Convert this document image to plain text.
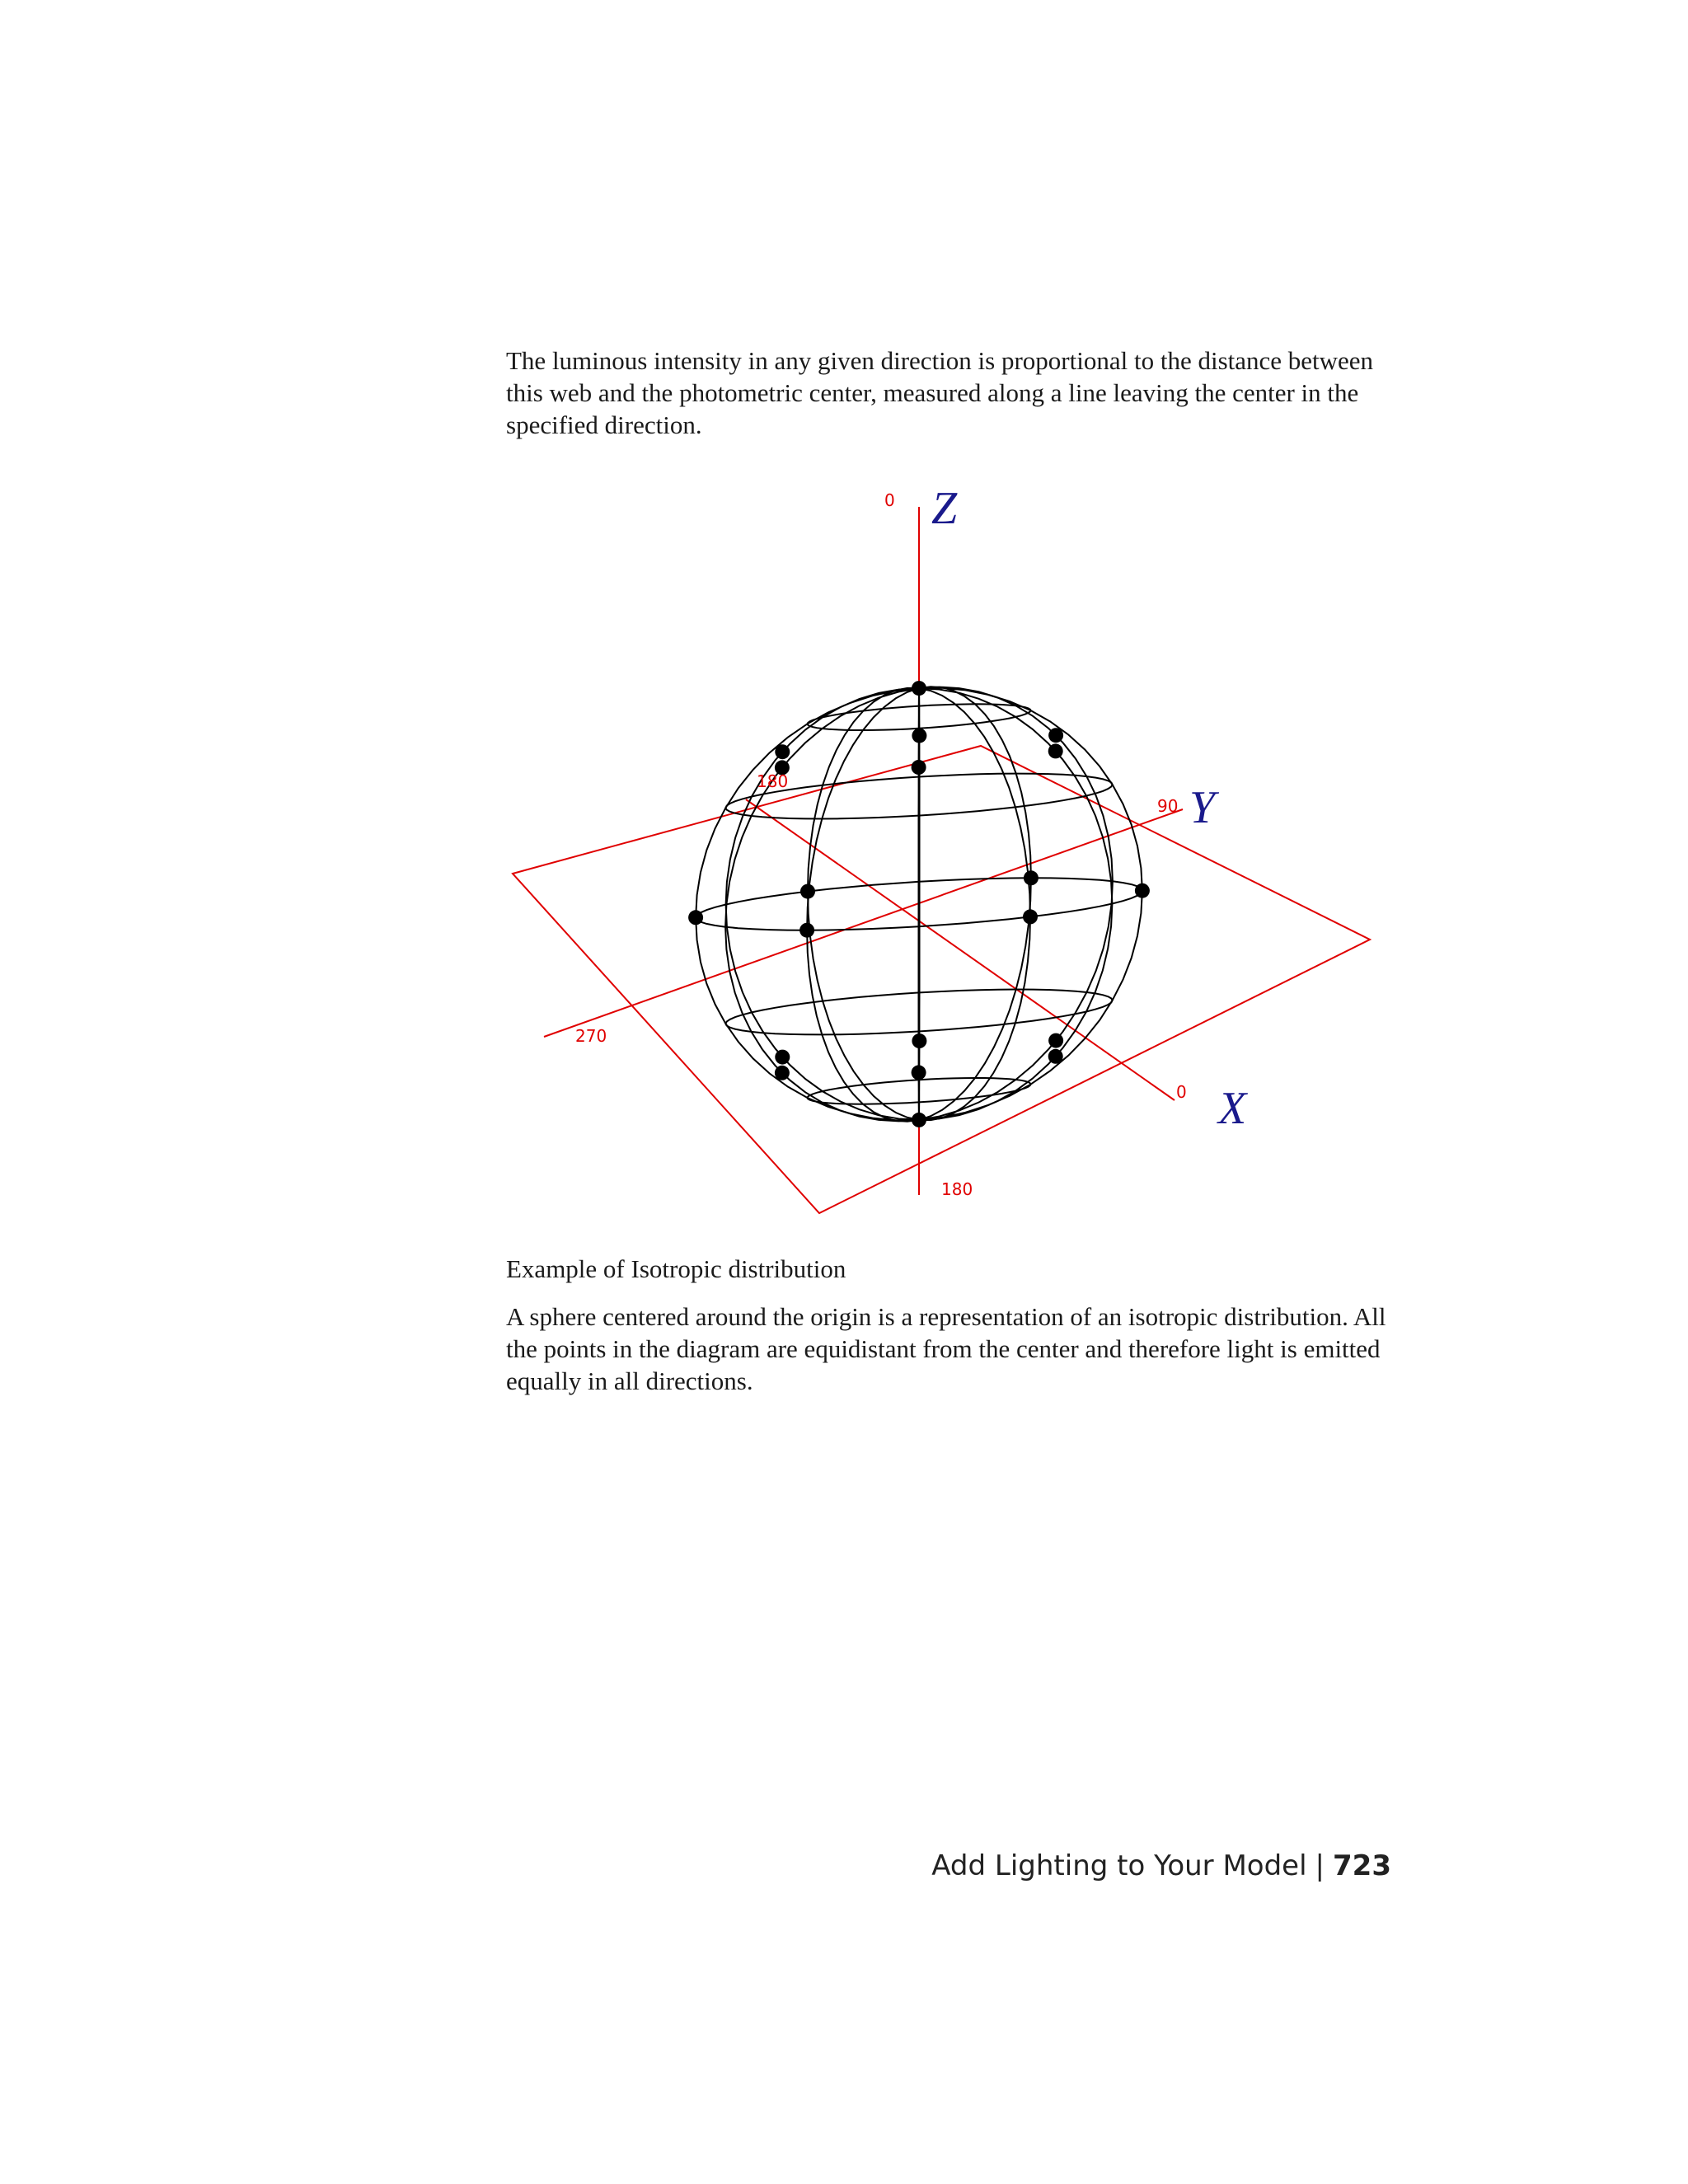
The luminous intensity in any given direction is proportional to the distance between this web and the photometric center, measured along a line leaving the center in the specified direction.

0 Z
180
90 Y
270
0 X
180

Example of Isotropic distribution

A sphere centered around the origin is a representation of an isotropic distribution. All the points in the diagram are equidistant from the center and therefore light is emitted equally in all directions.

Add Lighting to Your Model | 723
